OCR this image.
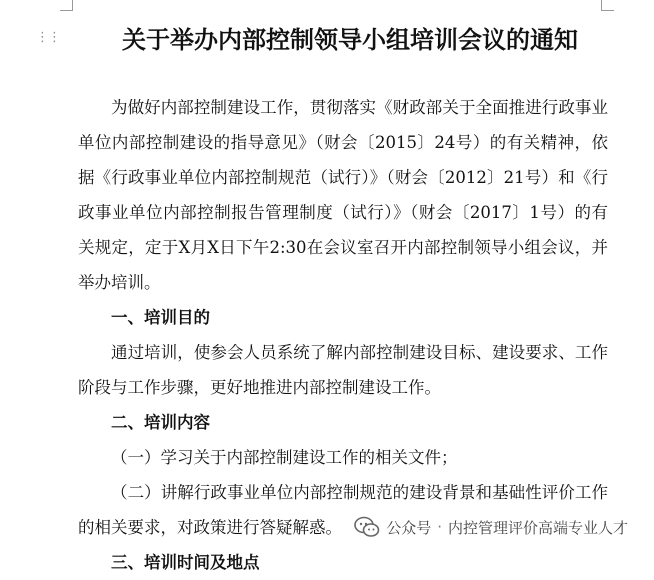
⋮⋮	关于举办内部控制领导小组培训会议的通知

为做好内部控制建设工作，贯彻落实《财政部关于全面推进行政事业单位内部控制建设的指导意见》（财会〔2015〕24号）的有关精神，依据《行政事业单位内部控制规范（试行）》（财会〔2012〕21号）和《行政事业单位内部控制报告管理制度（试行）》（财会〔2017〕1号）的有关规定，定于X月X日下午2:30在会议室召开内部控制领导小组会议，并举办培训。

一、培训目的

通过培训，使参会人员系统了解内部控制建设目标、建设要求、工作阶段与工作步骤，更好地推进内部控制建设工作。

二、培训内容

（一）学习关于内部控制建设工作的相关文件；

（二）讲解行政事业单位内部控制规范的建设背景和基础性评价工作的相关要求，对政策进行答疑解惑。

三、培训时间及地点

公众号 · 内控管理评价高端专业人才
